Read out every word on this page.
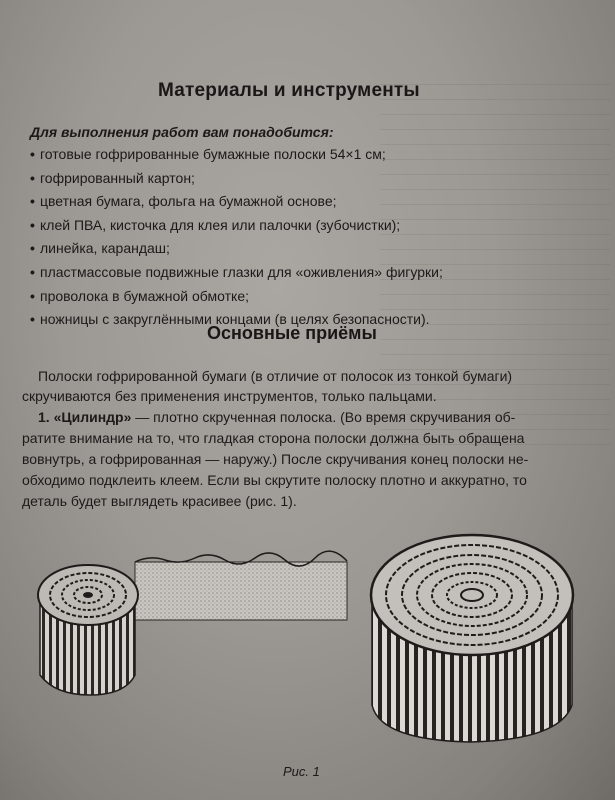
Материалы и инструменты
Для выполнения работ вам понадобится:
• готовые гофрированные бумажные полоски 54×1 см;
• гофрированный картон;
• цветная бумага, фольга на бумажной основе;
• клей ПВА, кисточка для клея или палочки (зубочистки);
• линейка, карандаш;
• пластмассовые подвижные глазки для «оживления» фигурки;
• проволока в бумажной обмотке;
• ножницы с закруглёнными концами (в целях безопасности).
Основные приёмы
Полоски гофрированной бумаги (в отличие от полосок из тонкой бумаги)
скручиваются без применения инструментов, только пальцами.
1. «Цилиндр» — плотно скрученная полоска. (Во время скручивания об-
ратите внимание на то, что гладкая сторона полоски должна быть обращена
вовнутрь, а гофрированная — наружу.) После скручивания конец полоски не-
обходимо подклеить клеем. Если вы скрутите полоску плотно и аккуратно, то
деталь будет выглядеть красивее (рис. 1).
Рис. 1
